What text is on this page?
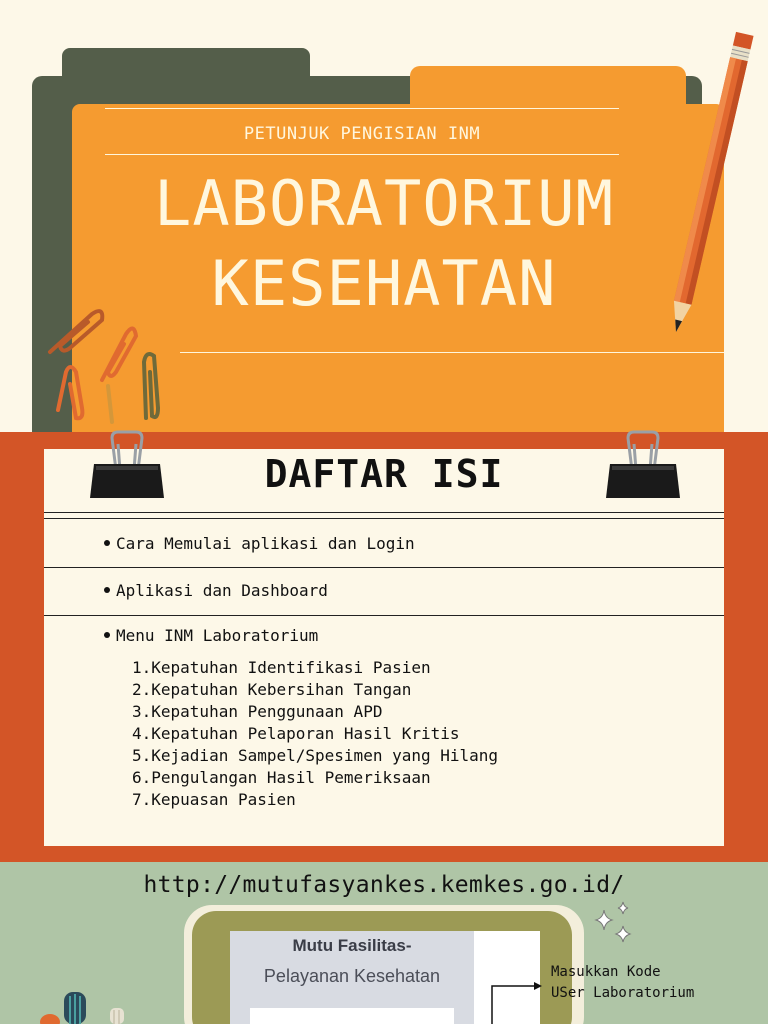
PETUNJUK PENGISIAN INM
LABORATORIUM
KESEHATAN
DAFTAR ISI
Cara Memulai aplikasi dan Login
Aplikasi dan Dashboard
Menu INM Laboratorium
1.Kepatuhan Identifikasi Pasien
2.Kepatuhan Kebersihan Tangan
3.Kepatuhan Penggunaan APD
4.Kepatuhan Pelaporan Hasil Kritis
5.Kejadian Sampel/Spesimen yang Hilang
6.Pengulangan Hasil Pemeriksaan
7.Kepuasan Pasien
http://mutufasyankes.kemkes.go.id/
Mutu Fasilitas-
Pelayanan Kesehatan	Masukkan Kode
USer Laboratorium
